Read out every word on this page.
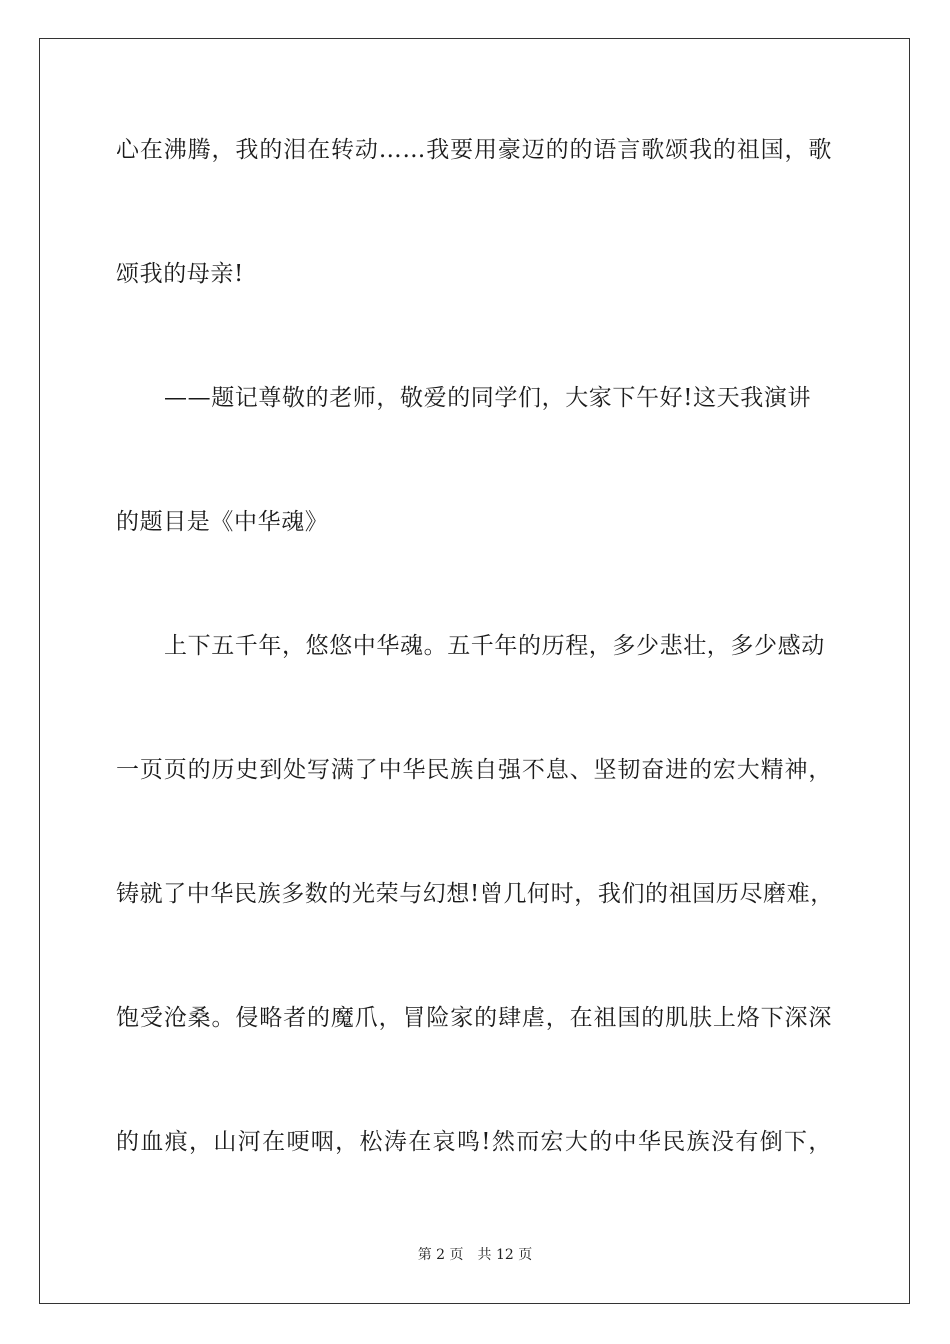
心在沸腾，我的泪在转动……我要用豪迈的的语言歌颂我的祖国，歌
颂我的母亲!
——题记尊敬的老师，敬爱的同学们，大家下午好!这天我演讲
的题目是《中华魂》
上下五千年，悠悠中华魂。五千年的历程，多少悲壮，多少感动
一页页的历史到处写满了中华民族自强不息、坚韧奋进的宏大精神，
铸就了中华民族多数的光荣与幻想!曾几何时，我们的祖国历尽磨难，
饱受沧桑。侵略者的魔爪，冒险家的肆虐，在祖国的肌肤上烙下深深
的血痕，山河在哽咽，松涛在哀鸣!然而宏大的中华民族没有倒下，
第 2 页 共 12 页
